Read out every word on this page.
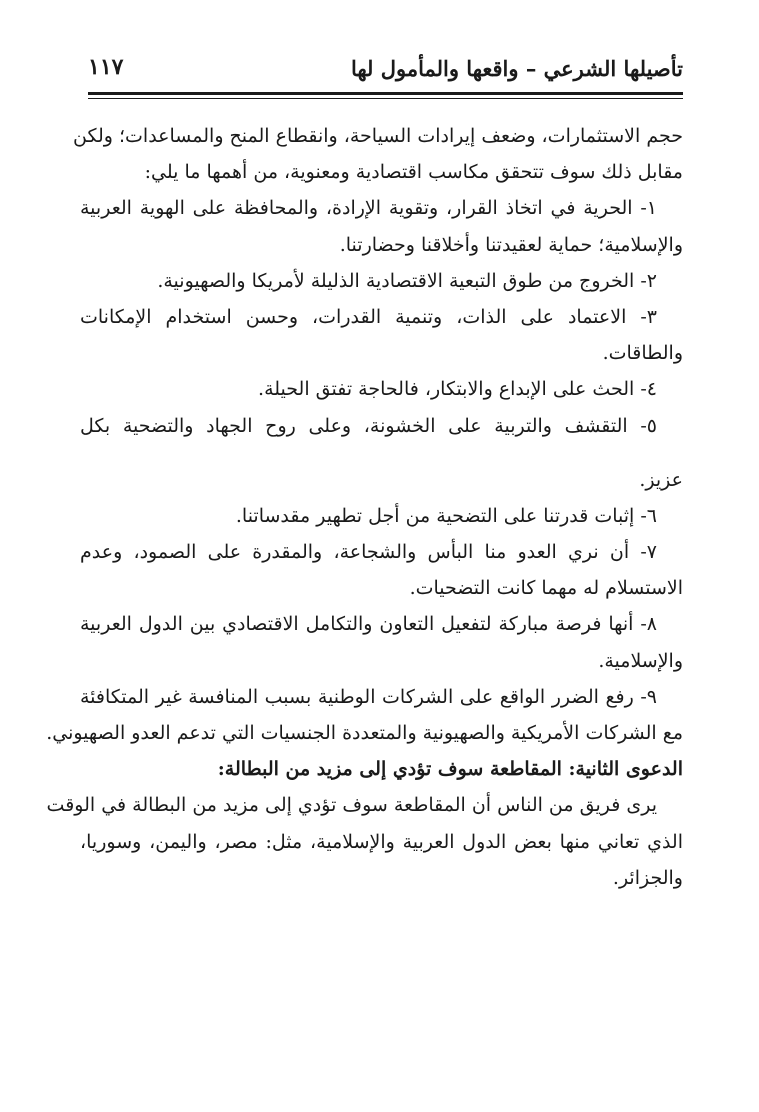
تأصيلها الشرعي – واقعها والمأمول لها
١١٧
حجم الاستثمارات، وضعف إيرادات السياحة، وانقطاع المنح والمساعدات؛ ولكن
مقابل ذلك سوف تتحقق مكاسب اقتصادية ومعنوية، من أهمها ما يلي:
١- الحرية في اتخاذ القرار، وتقوية الإرادة، والمحافظة على الهوية العربية
والإسلامية؛ حماية لعقيدتنا وأخلاقنا وحضارتنا.
٢- الخروج من طوق التبعية الاقتصادية الذليلة لأمريكا والصهيونية.
٣- الاعتماد على الذات، وتنمية القدرات، وحسن استخدام الإمكانات
والطاقات.
٤- الحث على الإبداع والابتكار، فالحاجة تفتق الحيلة.
٥- التقشف والتربية على الخشونة، وعلى روح الجهاد والتضحية بكل
عزيز.
٦- إثبات قدرتنا على التضحية من أجل تطهير مقدساتنا.
٧- أن نري العدو منا البأس والشجاعة، والمقدرة على الصمود، وعدم
الاستسلام له مهما كانت التضحيات.
٨- أنها فرصة مباركة لتفعيل التعاون والتكامل الاقتصادي بين الدول العربية
والإسلامية.
٩- رفع الضرر الواقع على الشركات الوطنية بسبب المنافسة غير المتكافئة
مع الشركات الأمريكية والصهيونية والمتعددة الجنسيات التي تدعم العدو الصهيوني.
الدعوى الثانية: المقاطعة سوف تؤدي إلى مزيد من البطالة:
يرى فريق من الناس أن المقاطعة سوف تؤدي إلى مزيد من البطالة في الوقت
الذي تعاني منها بعض الدول العربية والإسلامية، مثل: مصر، واليمن، وسوريا،
والجزائر.
